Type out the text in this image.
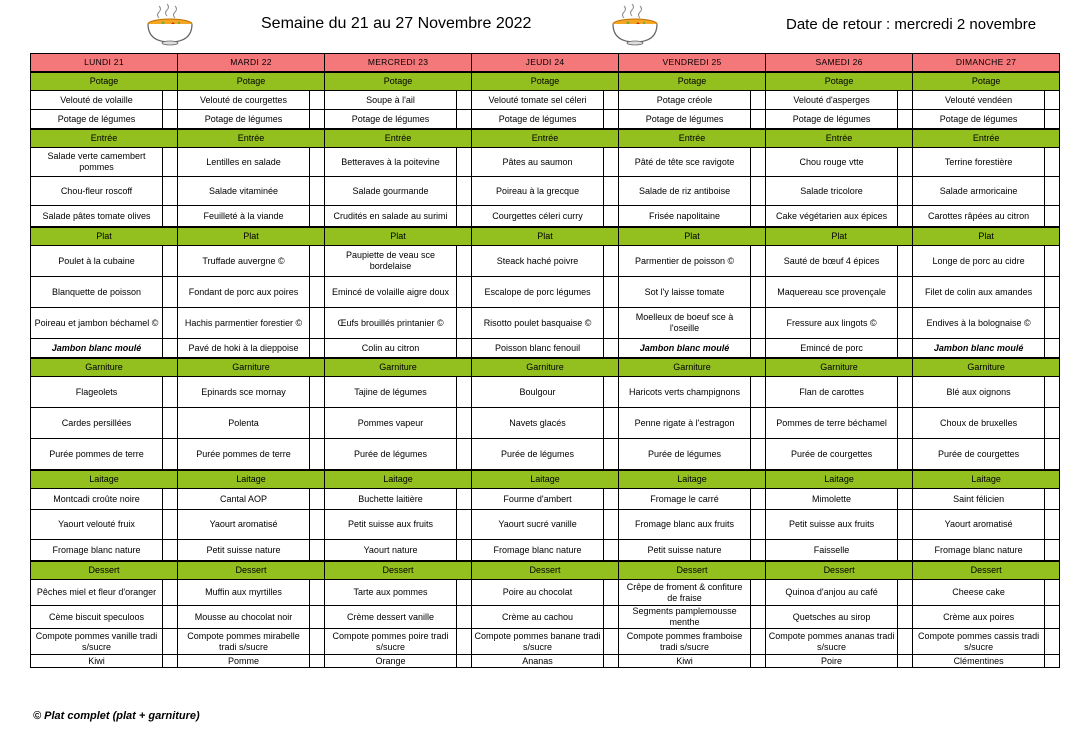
Semaine du 21 au 27 Novembre 2022	Date de retour : mercredi 2 novembre
LUNDI 21		MARDI 22		MERCREDI 23		JEUDI 24		VENDREDI 25		SAMEDI 26		DIMANCHE 27	
Potage		Potage		Potage		Potage		Potage		Potage		Potage	
Velouté de volaille		Velouté de courgettes		Soupe à l'ail		Velouté tomate sel céleri		Potage créole		Velouté d'asperges		Velouté vendéen	
Potage de légumes		Potage de légumes		Potage de légumes		Potage de légumes		Potage de légumes		Potage de légumes		Potage de légumes	
Entrée		Entrée		Entrée		Entrée		Entrée		Entrée		Entrée	
Salade verte camembert pommes		Lentilles en salade		Betteraves à la poitevine		Pâtes au saumon		Pâté de tête sce ravigote		Chou rouge vtte		Terrine forestière	
Chou-fleur roscoff		Salade vitaminée		Salade gourmande		Poireau à la grecque		Salade de riz antiboise		Salade tricolore		Salade armoricaine	
Salade pâtes tomate olives		Feuilleté à la viande		Crudités en salade au surimi		Courgettes céleri curry		Frisée napolitaine		Cake végétarien aux épices		Carottes râpées au citron	
Plat		Plat		Plat		Plat		Plat		Plat		Plat	
Poulet à la cubaine		Truffade auvergne ©		Paupiette de veau sce bordelaise		Steack haché poivre		Parmentier de poisson ©		Sauté de bœuf 4 épices		Longe de porc au cidre	
Blanquette de poisson		Fondant de porc aux poires		Emincé de volaille aigre doux		Escalope de porc légumes		Sot l'y laisse tomate		Maquereau sce provençale		Filet de colin aux amandes	
Poireau et jambon béchamel ©		Hachis parmentier forestier ©		Œufs brouillés printanier ©		Risotto poulet basquaise ©		Moelleux de boeuf sce à l'oseille		Fressure aux lingots ©		Endives à la bolognaise ©	
Jambon blanc moulé		Pavé de hoki à la dieppoise		Colin au citron		Poisson blanc fenouil		Jambon blanc moulé		Emincé de porc		Jambon blanc moulé	
Garniture		Garniture		Garniture		Garniture		Garniture		Garniture		Garniture	
Flageolets		Epinards sce mornay		Tajine de légumes		Boulgour		Haricots verts champignons		Flan de carottes		Blé aux oignons	
Cardes persillées		Polenta		Pommes vapeur		Navets glacés		Penne rigate à l'estragon		Pommes de terre béchamel		Choux de bruxelles	
Purée pommes de terre		Purée pommes de terre		Purée de légumes		Purée de légumes		Purée de légumes		Purée de courgettes		Purée de courgettes	
Laitage		Laitage		Laitage		Laitage		Laitage		Laitage		Laitage	
Montcadi croûte noire		Cantal AOP		Buchette laitière		Fourme d'ambert		Fromage le carré		Mimolette		Saint félicien	
Yaourt velouté fruix		Yaourt aromatisé		Petit suisse aux fruits		Yaourt sucré vanille		Fromage blanc aux fruits		Petit suisse aux fruits		Yaourt aromatisé	
Fromage blanc nature		Petit suisse nature		Yaourt nature		Fromage blanc nature		Petit suisse nature		Faisselle		Fromage blanc nature	
Dessert		Dessert		Dessert		Dessert		Dessert		Dessert		Dessert	
Pêches miel et fleur d'oranger		Muffin aux myrtilles		Tarte aux pommes		Poire au chocolat		Crêpe de froment & confiture de fraise		Quinoa d'anjou au café		Cheese cake	
Cème biscuit speculoos		Mousse au chocolat noir		Crème dessert vanille		Crème au cachou		Segments pamplemousse menthe		Quetsches au sirop		Crème aux poires	
Compote pommes vanille tradi s/sucre		Compote pommes mirabelle tradi s/sucre		Compote pommes poire tradi s/sucre		Compote pommes banane tradi s/sucre		Compote pommes framboise tradi s/sucre		Compote pommes ananas tradi s/sucre		Compote pommes cassis tradi s/sucre	
Kiwi		Pomme		Orange		Ananas		Kiwi		Poire		Clémentines	
© Plat complet (plat + garniture)
